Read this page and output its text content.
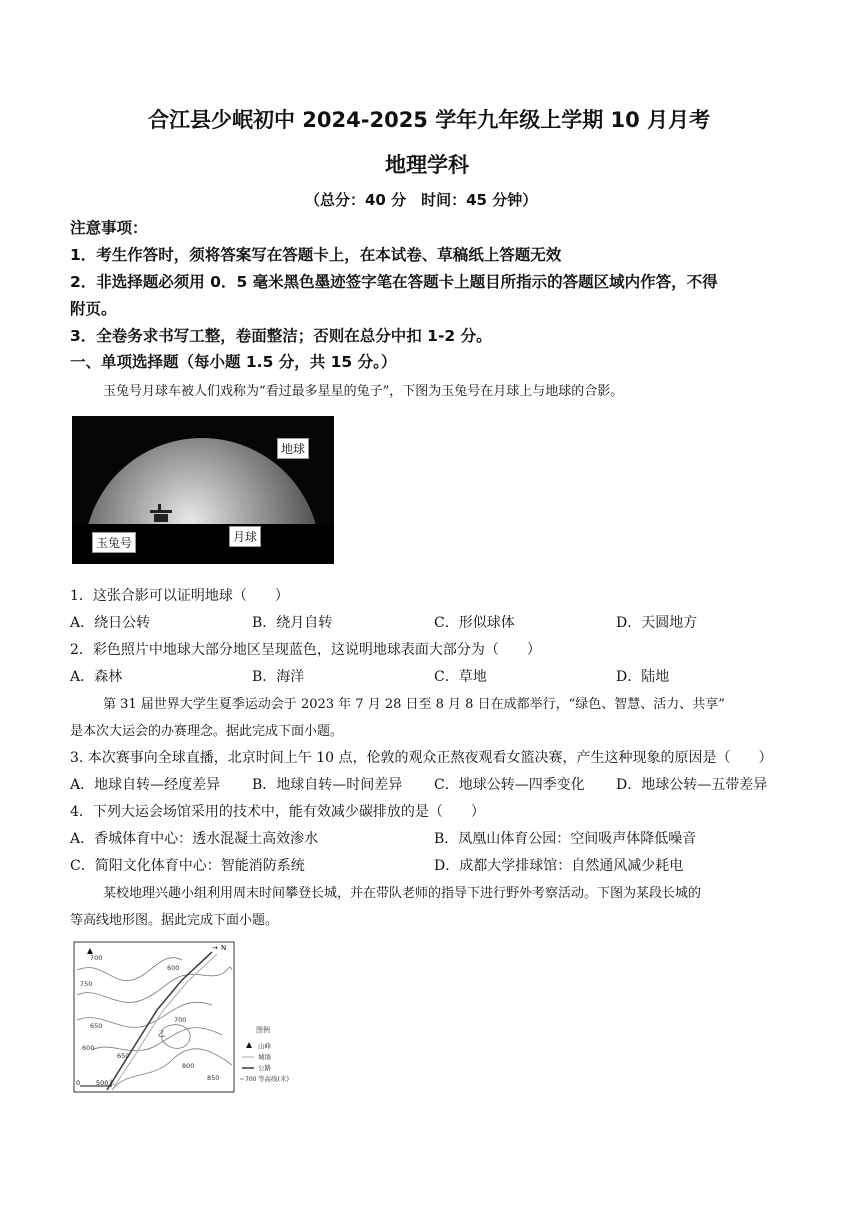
合江县少岷初中 2024-2025 学年九年级上学期 10 月月考
地理学科
（总分：40 分　时间：45 分钟）
注意事项：
1．考生作答时，须将答案写在答题卡上，在本试卷、草稿纸上答题无效
2．非选择题必须用 0．5 毫米黑色墨迹签字笔在答题卡上题目所指示的答题区域内作答，不得
附页。
3．全卷务求书写工整，卷面整洁；否则在总分中扣 1-2 分。
一、单项选择题（每小题 1.5 分，共 15 分。）
玉兔号月球车被人们戏称为“看过最多星星的兔子”，下图为玉兔号在月球上与地球的合影。
地球
玉兔号	月球
1．这张合影可以证明地球（　　）
A．绕日公转	B．绕月自转	C．形似球体	D．天圆地方
2．彩色照片中地球大部分地区呈现蓝色，这说明地球表面大部分为（　　）
A．森林	B．海洋	C．草地	D．陆地
第 31 届世界大学生夏季运动会于 2023 年 7 月 28 日至 8 月 8 日在成都举行，“绿色、智慧、活力、共享”
是本次大运会的办赛理念。据此完成下面小题。
3. 本次赛事向全球直播，北京时间上午 10 点，伦敦的观众正熬夜观看女篮决赛，产生这种现象的原因是（　　）
A．地球自转—经度差异 B．地球自转—时间差异 C．地球公转—四季变化 D．地球公转—五带差异
4．下列大运会场馆采用的技术中，能有效减少碳排放的是（　　）
A．香城体育中心：透水混凝土高效渗水	B．凤凰山体育公园：空间吸声体降低噪音
C．简阳文化体育中心：智能消防系统	D．成都大学排球馆：自然通风减少耗电
某校地理兴趣小组利用周末时间攀登长城，并在带队老师的指导下进行野外考察活动。下图为某段长城的
等高线地形图。据此完成下面小题。
→ N
600
750
700
650
600
650
700
800
850
乙
0 500米
图例
山峰
城墙
公路
700 等高线(米)
